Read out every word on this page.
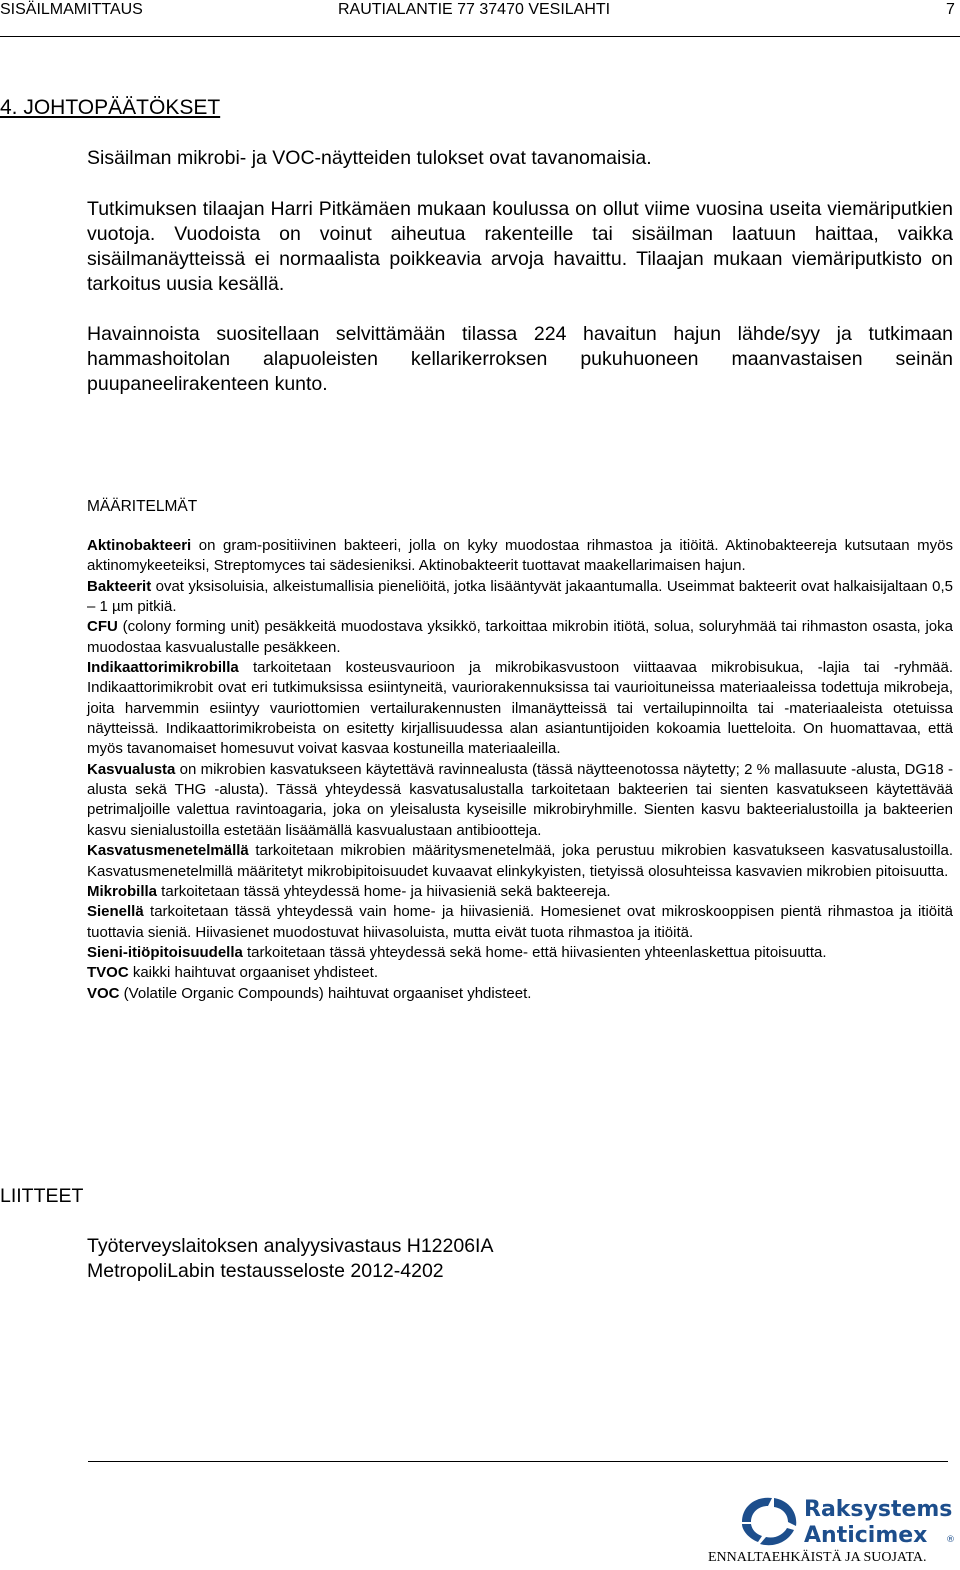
SISÄILMAMITTAUS	RAUTIALANTIE 77 37470 VESILAHTI	7
4. JOHTOPÄÄTÖKSET
Sisäilman mikrobi- ja VOC-näytteiden tulokset ovat tavanomaisia.
Tutkimuksen tilaajan Harri Pitkämäen mukaan koulussa on ollut viime vuosina useita viemäriputkien vuotoja. Vuodoista on voinut aiheutua rakenteille tai sisäilman laatuun haittaa, vaikka sisäilmanäytteissä ei normaalista poikkeavia arvoja havaittu. Tilaajan mukaan viemäriputkisto on tarkoitus uusia kesällä.
Havainnoista suositellaan selvittämään tilassa 224 havaitun hajun lähde/syy ja tutkimaan hammashoitolan alapuoleisten kellarikerroksen pukuhuoneen maanvastaisen seinän puupaneelirakenteen kunto.
MÄÄRITELMÄT

Aktinobakteeri on gram-positiivinen bakteeri, jolla on kyky muodostaa rihmastoa ja itiöitä. Aktinobakteereja kutsutaan myös aktinomykeeteiksi, Streptomyces tai sädesieniksi. Aktinobakteerit tuottavat maakellarimaisen hajun.

Bakteerit ovat yksisoluisia, alkeistumallisia pieneliöitä, jotka lisääntyvät jakaantumalla. Useimmat bakteerit ovat halkaisijaltaan 0,5 – 1 µm pitkiä.

CFU (colony forming unit) pesäkkeitä muodostava yksikkö, tarkoittaa mikrobin itiötä, solua, soluryhmää tai rihmaston osasta, joka muodostaa kasvualustalle pesäkkeen.

Indikaattorimikrobilla tarkoitetaan kosteusvaurioon ja mikrobikasvustoon viittaavaa mikrobisukua, -lajia tai -ryhmää. Indikaattorimikrobit ovat eri tutkimuksissa esiintyneitä, vauriorakennuksissa tai vaurioituneissa materiaaleissa todettuja mikrobeja, joita harvemmin esiintyy vauriottomien vertailurakennusten ilmanäytteissä tai vertailupinnoilta tai -materiaaleista otetuissa näytteissä. Indikaattorimikrobeista on esitetty kirjallisuudessa alan asiantuntijoiden kokoamia luetteloita. On huomattavaa, että myös tavanomaiset homesuvut voivat kasvaa kostuneilla materiaaleilla.

Kasvualusta on mikrobien kasvatukseen käytettävä ravinnealusta (tässä näytteenotossa näytetty; 2 % mallasuute -alusta, DG18 -alusta sekä THG -alusta). Tässä yhteydessä kasvatusalustalla tarkoitetaan bakteerien tai sienten kasvatukseen käytettävää petrimaljoille valettua ravintoagaria, joka on yleisalusta kyseisille mikrobiryhmille. Sienten kasvu bakteerialustoilla ja bakteerien kasvu sienialustoilla estetään lisäämällä kasvualustaan antibiootteja.

Kasvatusmenetelmällä tarkoitetaan mikrobien määritysmenetelmää, joka perustuu mikrobien kasvatukseen kasvatusalustoilla. Kasvatusmenetelmillä määritetyt mikrobipitoisuudet kuvaavat elinkykyisten, tietyissä olosuhteissa kasvavien mikrobien pitoisuutta.

Mikrobilla tarkoitetaan tässä yhteydessä home- ja hiivasieniä sekä bakteereja.

Sienellä tarkoitetaan tässä yhteydessä vain home- ja hiivasieniä. Homesienet ovat mikroskooppisen pientä rihmastoa ja itiöitä tuottavia sieniä. Hiivasienet muodostuvat hiivasoluista, mutta eivät tuota rihmastoa ja itiöitä.

Sieni-itiöpitoisuudella tarkoitetaan tässä yhteydessä sekä home- että hiivasienten yhteenlaskettua pitoisuutta.

TVOC kaikki haihtuvat orgaaniset yhdisteet.

VOC (Volatile Organic Compounds) haihtuvat orgaaniset yhdisteet.

LIITTEET
Työterveyslaitoksen analyysivastaus H12206IA
MetropoliLabin testausseloste 2012-4202
Raksystems
Anticimex ®
ENNALTAEHKÄISTÄ JA SUOJATA.
